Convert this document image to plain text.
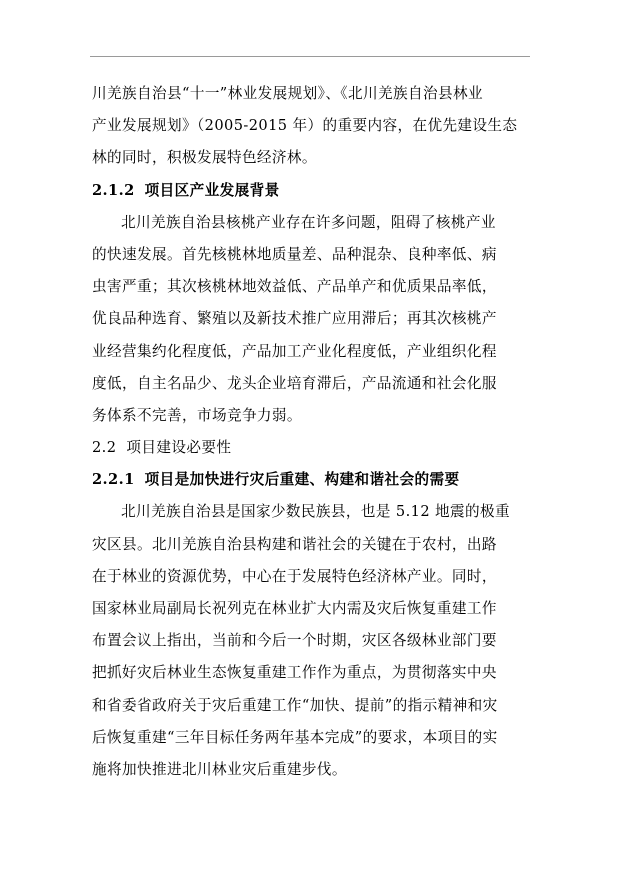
川羌族自治县“十一”林业发展规划》、《北川羌族自治县林业
产业发展规划》（2005-2015 年）的重要内容，在优先建设生态
林的同时，积极发展特色经济林。
2.1.2 项目区产业发展背景
北川羌族自治县核桃产业存在许多问题，阻碍了核桃产业
的快速发展。首先核桃林地质量差、品种混杂、良种率低、病
虫害严重；其次核桃林地效益低、产品单产和优质果品率低，
优良品种选育、繁殖以及新技术推广应用滞后；再其次核桃产
业经营集约化程度低，产品加工产业化程度低，产业组织化程
度低，自主名品少、龙头企业培育滞后，产品流通和社会化服
务体系不完善，市场竞争力弱。
2.2 项目建设必要性
2.2.1 项目是加快进行灾后重建、构建和谐社会的需要
北川羌族自治县是国家少数民族县，也是 5.12 地震的极重
灾区县。北川羌族自治县构建和谐社会的关键在于农村，出路
在于林业的资源优势，中心在于发展特色经济林产业。同时，
国家林业局副局长祝列克在林业扩大内需及灾后恢复重建工作
布置会议上指出，当前和今后一个时期，灾区各级林业部门要
把抓好灾后林业生态恢复重建工作作为重点，为贯彻落实中央
和省委省政府关于灾后重建工作“加快、提前”的指示精神和灾
后恢复重建“三年目标任务两年基本完成”的要求，本项目的实
施将加快推进北川林业灾后重建步伐。
